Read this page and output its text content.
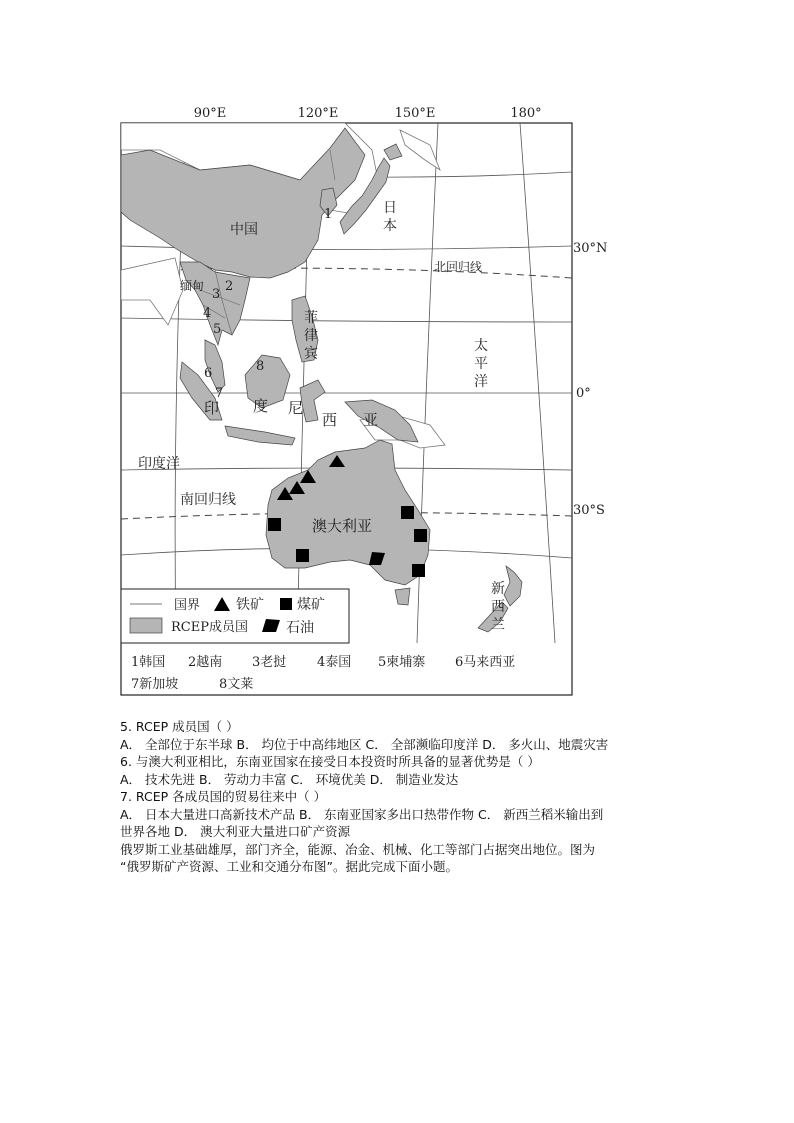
90°E	120°E	150°E	180°
30°N
0°
30°S
中国
日本
缅甸
北回归线
南回归线
印度洋
澳大利亚
菲
律
宾	太
平
洋
印 度 尼
西 亚
新
西
兰
1
2
3
4
5
6
7
8
国界	铁矿 煤矿
RCEP成员国	石油
1韩国 2越南 3老挝 4泰国 5柬埔寨 6马来西亚
7新加坡	8文莱
5. RCEP 成员国（ ）
A． 全部位于东半球 B． 均位于中高纬地区 C． 全部濒临印度洋 D． 多火山、地震灾害
6. 与澳大利亚相比，东南亚国家在接受日本投资时所具备的显著优势是（ ）
A． 技术先进 B． 劳动力丰富 C． 环境优美 D． 制造业发达
7. RCEP 各成员国的贸易往来中（ ）
A． 日本大量进口高新技术产品 B． 东南亚国家多出口热带作物 C． 新西兰稻米输出到
世界各地 D． 澳大利亚大量进口矿产资源
俄罗斯工业基础雄厚，部门齐全，能源、冶金、机械、化工等部门占据突出地位。图为
“俄罗斯矿产资源、工业和交通分布图”。据此完成下面小题。
